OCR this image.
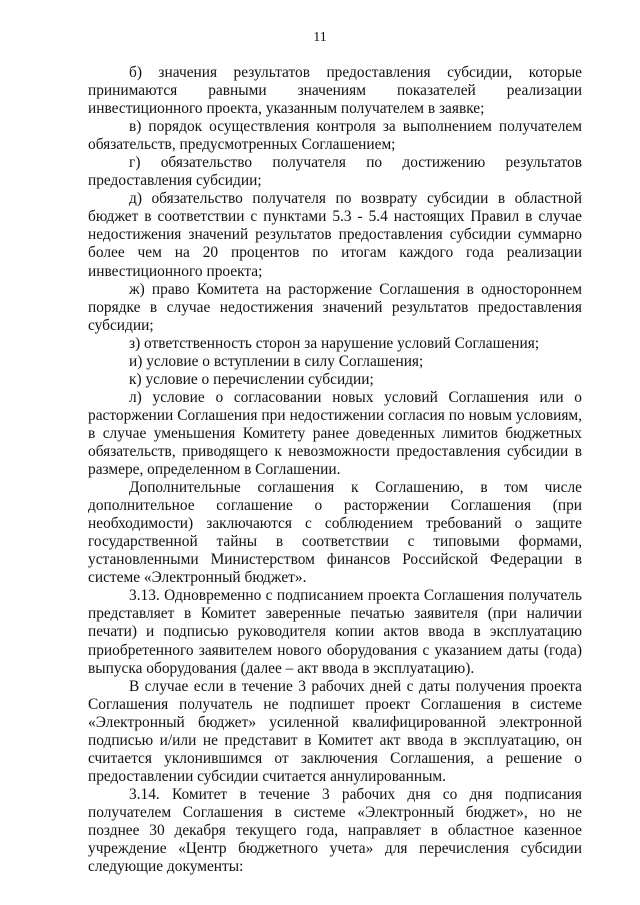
11

б) значения результатов предоставления субсидии, которые принимаются равными значениям показателей реализации инвестиционного проекта, указанным получателем в заявке;

в) порядок осуществления контроля за выполнением получателем обязательств, предусмотренных Соглашением;

г) обязательство получателя по достижению результатов предоставления субсидии;

д) обязательство получателя по возврату субсидии в областной бюджет в соответствии с пунктами 5.3 - 5.4 настоящих Правил в случае недостижения значений результатов предоставления субсидии суммарно более чем на 20 процентов по итогам каждого года реализации инвестиционного проекта;

ж) право Комитета на расторжение Соглашения в одностороннем порядке в случае недостижения значений результатов предоставления субсидии;

з) ответственность сторон за нарушение условий Соглашения;

и) условие о вступлении в силу Соглашения;

к) условие о перечислении субсидии;

л) условие о согласовании новых условий Соглашения или о расторжении Соглашения при недостижении согласия по новым условиям, в случае уменьшения Комитету ранее доведенных лимитов бюджетных обязательств, приводящего к невозможности предоставления субсидии в размере, определенном в Соглашении.

Дополнительные соглашения к Соглашению, в том числе дополнительное соглашение о расторжении Соглашения (при необходимости) заключаются с соблюдением требований о защите государственной тайны в соответствии с типовыми формами, установленными Министерством финансов Российской Федерации в системе «Электронный бюджет».

3.13. Одновременно с подписанием проекта Соглашения получатель представляет в Комитет заверенные печатью заявителя (при наличии печати) и подписью руководителя копии актов ввода в эксплуатацию приобретенного заявителем нового оборудования с указанием даты (года) выпуска оборудования (далее – акт ввода в эксплуатацию).

В случае если в течение 3 рабочих дней с даты получения проекта Соглашения получатель не подпишет проект Соглашения в системе «Электронный бюджет» усиленной квалифицированной электронной подписью и/или не представит в Комитет акт ввода в эксплуатацию, он считается уклонившимся от заключения Соглашения, а решение о предоставлении субсидии считается аннулированным.

3.14. Комитет в течение 3 рабочих дня со дня подписания получателем Соглашения в системе «Электронный бюджет», но не позднее 30 декабря текущего года, направляет в областное казенное учреждение «Центр бюджетного учета» для перечисления субсидии следующие документы:
